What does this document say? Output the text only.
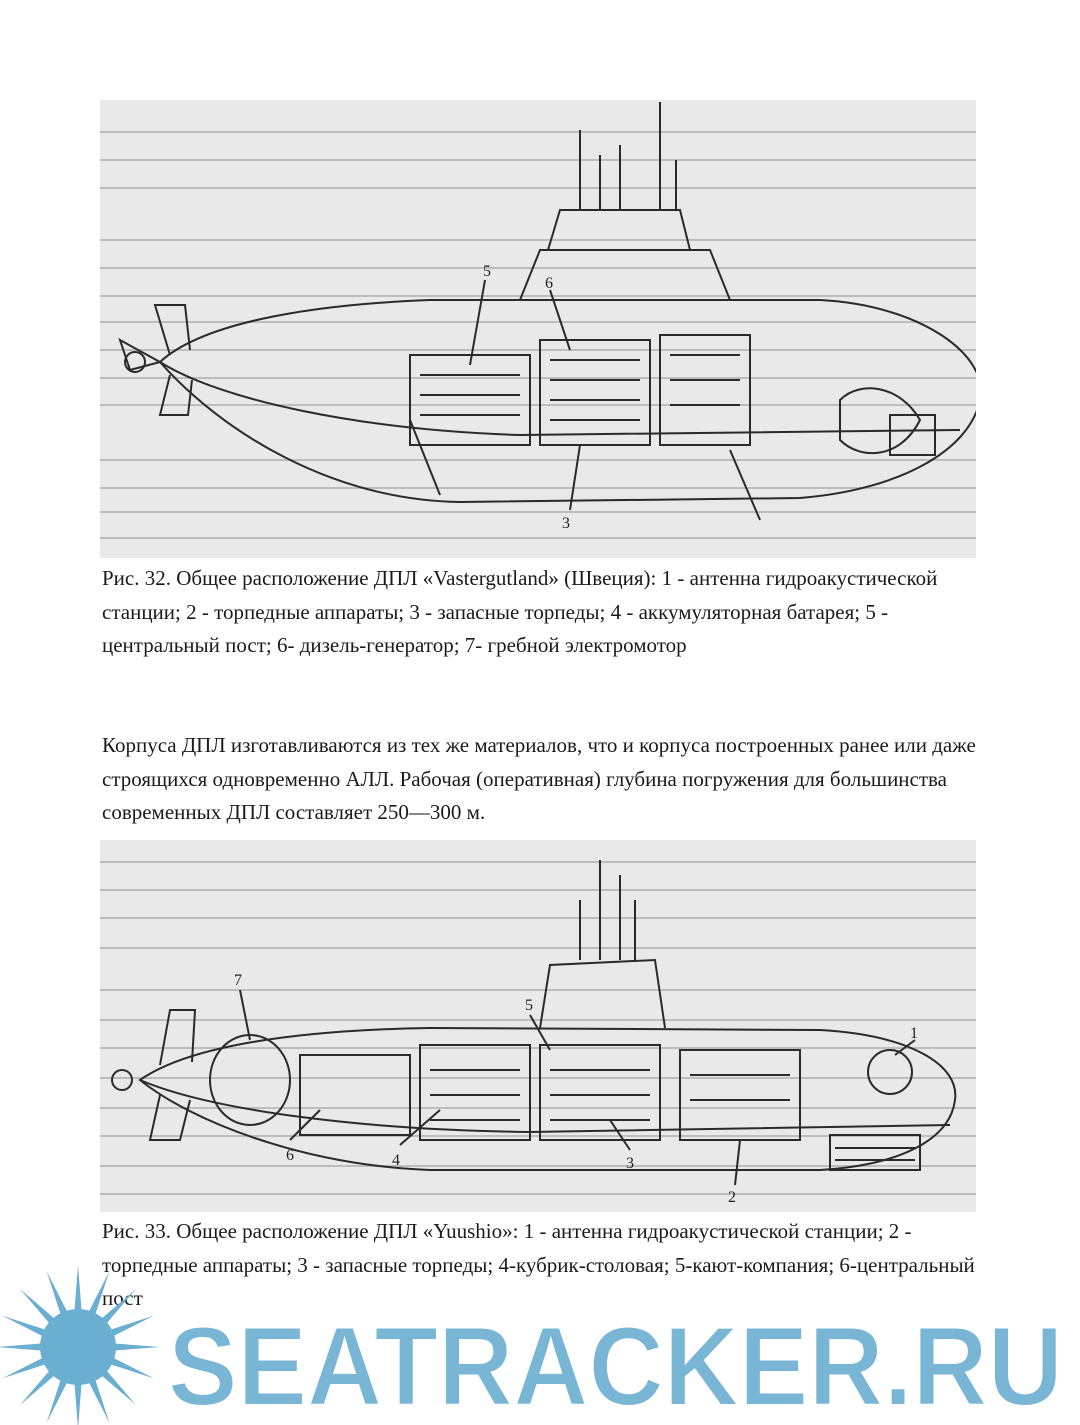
5
6
3

Рис. 32. Общее расположение ДПЛ «Vastergutland» (Швеция): 1 - антенна гидроакустической станции; 2 - торпедные аппараты; 3 - запасные торпеды; 4 - аккумуляторная батарея; 5 - центральный пост; 6- дизель-генератор; 7- гребной электромотор

Корпуса ДПЛ изготавливаются из тех же материалов, что и корпуса построенных ранее или даже строящихся одновременно АЛЛ. Рабочая (оперативная) глубина погружения для большинства современных ДПЛ составляет 250—300 м.

7
5
1
6	4	3
2

Рис. 33. Общее расположение ДПЛ «Yuushio»: 1 - антенна гидроакустической станции; 2 - торпедные аппараты; 3 - запасные торпеды; 4-кубрик-столовая; 5-кают-компания; 6-центральный пост

SEATRACKER.RU
